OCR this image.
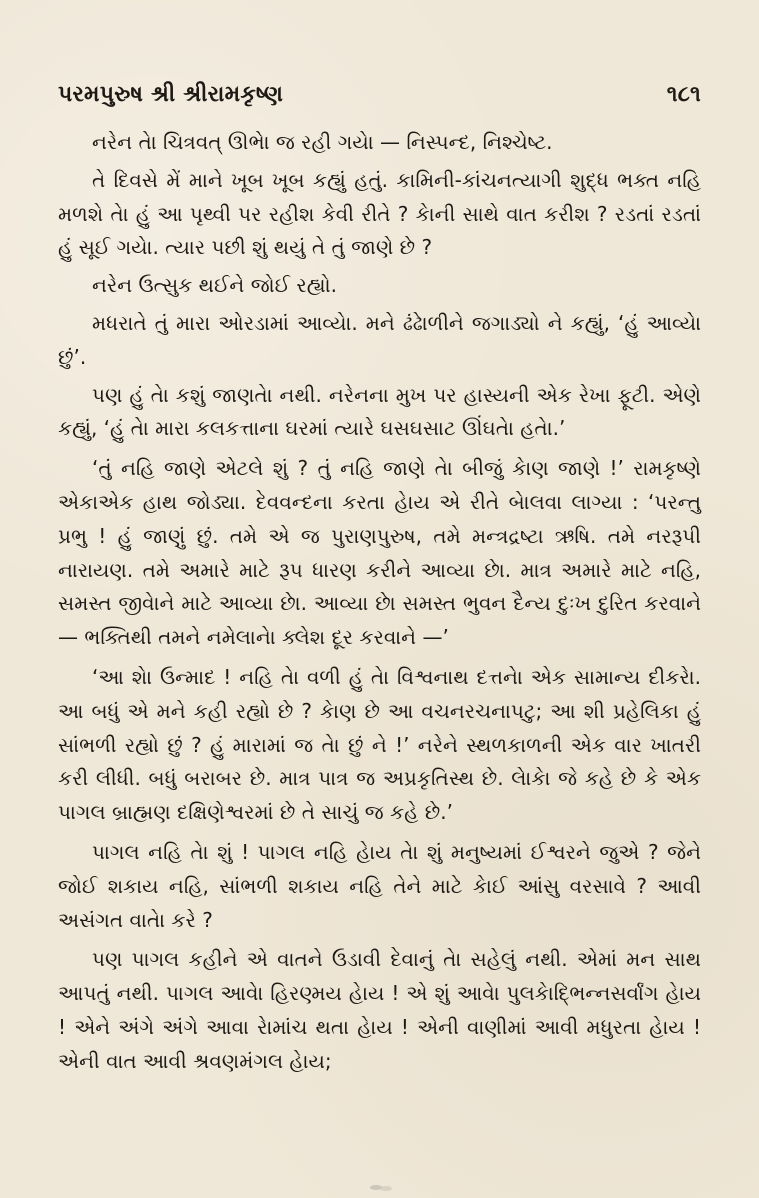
પરમપુરુષ શ્રી શ્રીરામકૃષ્ણ	૧૮૧

નરેન તેા ચિત્રવત્ ઊભેા જ રહી ગયેા — નિસ્પન્દ, નિશ્ચેષ્ટ.

તે દિવસે મેં માને ખૂબ ખૂબ કહ્યું હતું. કામિની-કાંચનત્યાગી શુદ્ધ ભક્ત નહિ મળશે તેા હું આ પૃથ્વી પર રહીશ કેવી રીતે ? કેાની સાથે વાત કરીશ ? રડતાં રડતાં હું સૂઈ ગયેા. ત્યાર પછી શું થયું તે તું જાણે છે ?

નરેન ઉત્સુક થઈને જોઈ રહ્યો.

મધરાતે તું મારા ઓરડામાં આવ્યેા. મને ઢંઢેાળીને જગાડ્યો ને કહ્યું, ‘હું આવ્યેા છું’.

પણ હું તેા કશું જાણતેા નથી. નરેનના મુખ પર હાસ્યની એક રેખા ફૂટી. એણે કહ્યું, ‘હું તેા મારા કલકત્તાના ઘરમાં ત્યારે ઘસઘસાટ ઊંઘતેા હતેા.’

‘તું નહિ જાણે એટલે શું ? તું નહિ જાણે તેા બીજું કેાણ જાણે !’ રામકૃષ્ણે એકાએક હાથ જોડ્યા. દેવવન્દના કરતા હેાય એ રીતે બેાલવા લાગ્યા : ‘પરન્તુ પ્રભુ ! હું જાણું છું. તમે એ જ પુરાણપુરુષ, તમે મન્ત્રદ્રષ્ટા ઋષિ. તમે નરરૂપી નારાયણ. તમે અમારે માટે રૂપ ધારણ કરીને આવ્યા છેા. માત્ર અમારે માટે નહિ, સમસ્ત જીવેાને માટે આવ્યા છેા. આવ્યા છેા સમસ્ત ભુવન દૈન્ય દુઃખ દુરિત કરવાને — ભક્તિથી તમને નમેલાનેા ક્લેશ દૂર કરવાને —’

‘આ શેા ઉન્માદ ! નહિ તેા વળી હું તેા વિશ્વનાથ દત્તનેા એક સામાન્ય દીકરેા. આ બધું એ મને કહી રહ્યો છે ? કેાણ છે આ વચનરચનાપટુ; આ શી પ્રહેલિકા હું સાંભળી રહ્યો છું ? હું મારામાં જ તેા છું ને !’ નરેને સ્થળકાળની એક વાર ખાતરી કરી લીધી. બધું બરાબર છે. માત્ર પાત્ર જ અપ્રકૃતિસ્થ છે. લેાકેા જે કહે છે કે એક પાગલ બ્રાહ્મણ દક્ષિણેશ્વરમાં છે તે સાચું જ કહે છે.’

પાગલ નહિ તેા શું ! પાગલ નહિ હેાય તેા શું મનુષ્યમાં ઈશ્વરને જુએ ? જેને જોઈ શકાય નહિ, સાંભળી શકાય નહિ તેને માટે કેાઈ આંસુ વરસાવે ? આવી અસંગત વાતેા કરે ?

પણ પાગલ કહીને એ વાતને ઉડાવી દેવાનું તેા સહેલું નથી. એમાં મન સાથ આપતું નથી. પાગલ આવેા હિરણ્મય હેાય ! એ શું આવેા પુલકેાદ્ભિન્નસર્વાંગ હેાય ! એને અંગે અંગે આવા રેામાંચ થતા હેાય ! એની વાણીમાં આવી મધુરતા હેાય ! એની વાત આવી શ્રવણમંગલ હેાય;
